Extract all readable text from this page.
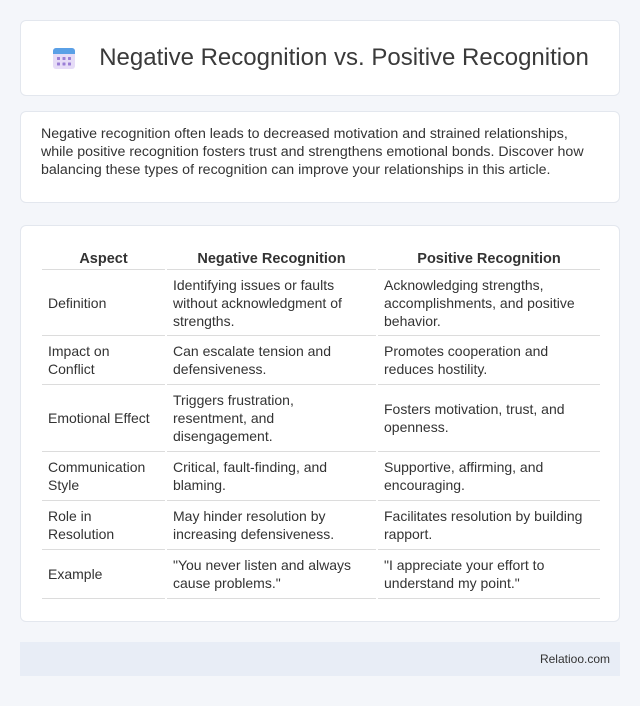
Negative Recognition vs. Positive Recognition

Negative recognition often leads to decreased motivation and strained relationships, while positive recognition fosters trust and strengthens emotional bonds. Discover how balancing these types of recognition can improve your relationships in this article.

Aspect	Negative Recognition	Positive Recognition
Definition	Identifying issues or faults without acknowledgment of strengths.	Acknowledging strengths, accomplishments, and positive behavior.
Impact on Conflict	Can escalate tension and defensiveness.	Promotes cooperation and reduces hostility.
Emotional Effect	Triggers frustration, resentment, and disengagement.	Fosters motivation, trust, and openness.
Communication Style	Critical, fault-finding, and blaming.	Supportive, affirming, and encouraging.
Role in Resolution	May hinder resolution by increasing defensiveness.	Facilitates resolution by building rapport.
Example	"You never listen and always cause problems."	"I appreciate your effort to understand my point."
Relatioo.com
